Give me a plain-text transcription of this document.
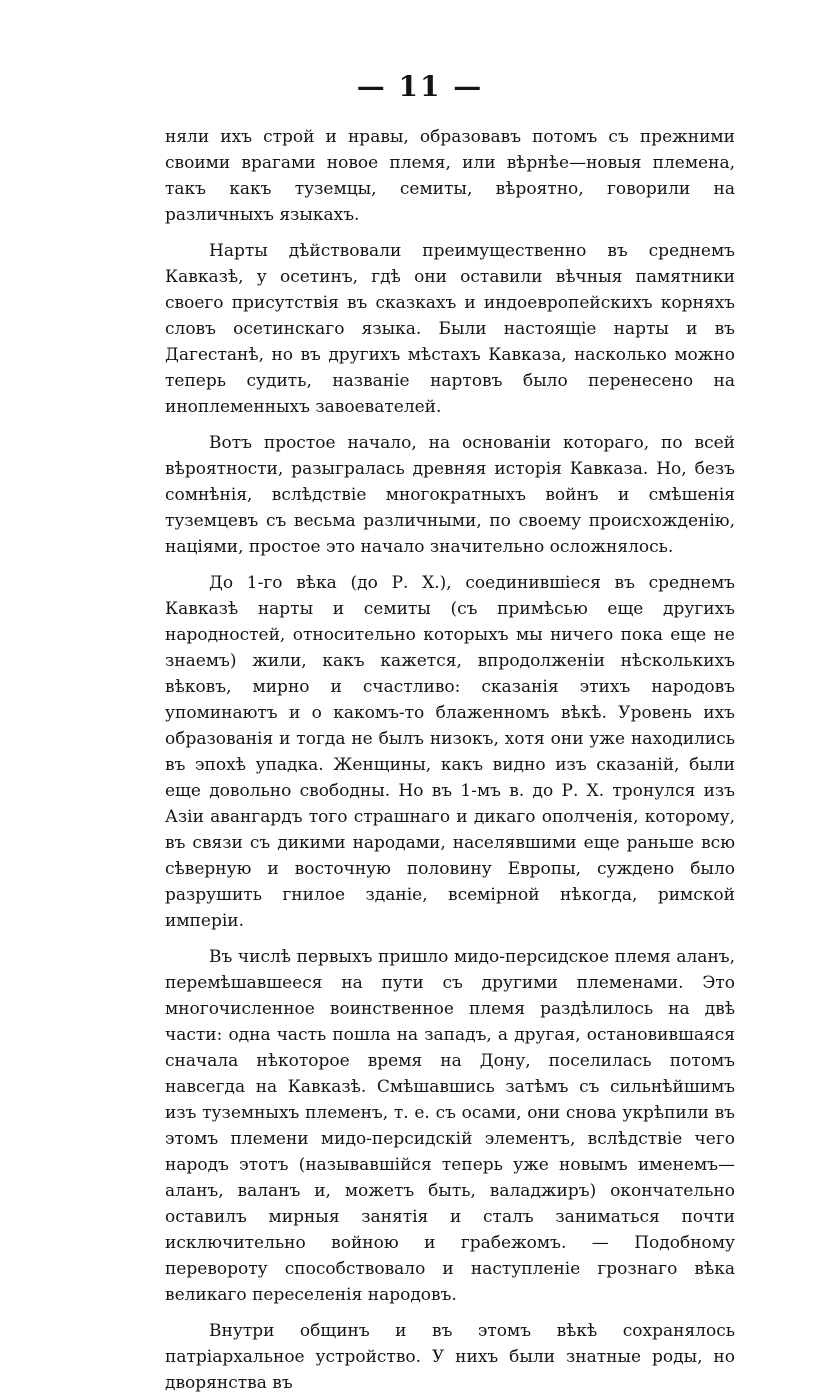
— 11 —

няли ихъ строй и нравы, образовавъ потомъ съ прежними своими врагами новое племя, или вѣрнѣе—новыя племена, такъ какъ туземцы, семиты, вѣроятно, говорили на различныхъ языкахъ.

Нарты дѣйствовали преимущественно въ среднемъ Кавказѣ, у осетинъ, гдѣ они оставили вѣчныя памятники своего присутствія въ сказкахъ и индоевропейскихъ корняхъ словъ осетинскаго языка. Были настоящіе нарты и въ Дагестанѣ, но въ другихъ мѣстахъ Кавказа, насколько можно теперь судить, названіе нартовъ было перенесено на иноплеменныхъ завоевателей.

Вотъ простое начало, на основаніи котораго, по всей вѣроятности, разыгралась древняя исторія Кавказа. Но, безъ сомнѣнія, вслѣдствіе многократныхъ войнъ и смѣшенія туземцевъ съ весьма различными, по своему происхожденію, націями, простое это начало значительно осложнялось.

До 1-го вѣка (до Р. Х.), соединившіеся въ среднемъ Кавказѣ нарты и семиты (съ примѣсью еще другихъ народностей, относительно которыхъ мы ничего пока еще не знаемъ) жили, какъ кажется, впродолженіи нѣсколькихъ вѣковъ, мирно и счастливо: сказанія этихъ народовъ упоминаютъ и о какомъ-то блаженномъ вѣкѣ. Уровень ихъ образованія и тогда не былъ низокъ, хотя они уже находились въ эпохѣ упадка. Женщины, какъ видно изъ сказаній, были еще довольно свободны. Но въ 1-мъ в. до Р. Х. тронулся изъ Азіи авангардъ того страшнаго и дикаго ополченія, которому, въ связи съ дикими народами, населявшими еще раньше всю сѣверную и восточную половину Европы, суждено было разрушить гнилое зданіе, всемірной нѣкогда, римской имперіи.

Въ числѣ первыхъ пришло мидо-персидское племя аланъ, перемѣшавшееся на пути съ другими племенами. Это многочисленное воинственное племя раздѣлилось на двѣ части: одна часть пошла на западъ, а другая, остановившаяся сначала нѣкоторое время на Дону, поселилась потомъ навсегда на Кавказѣ. Смѣшавшись затѣмъ съ сильнѣйшимъ изъ туземныхъ племенъ, т. е. съ осами, они снова укрѣпили въ этомъ племени мидо-персидскій элементъ, вслѣдствіе чего народъ этотъ (называвшійся теперь уже новымъ именемъ—аланъ, валанъ и, можетъ быть, валаджиръ) окончательно оставилъ мирныя занятія и сталъ заниматься почти исключительно войною и грабежомъ. — Подобному перевороту способствовало и наступленіе грознаго вѣка великаго переселенія народовъ.

Внутри общинъ и въ этомъ вѣкѣ сохранялось патріархальное устройство. У нихъ были знатные роды, но дворянства въ
